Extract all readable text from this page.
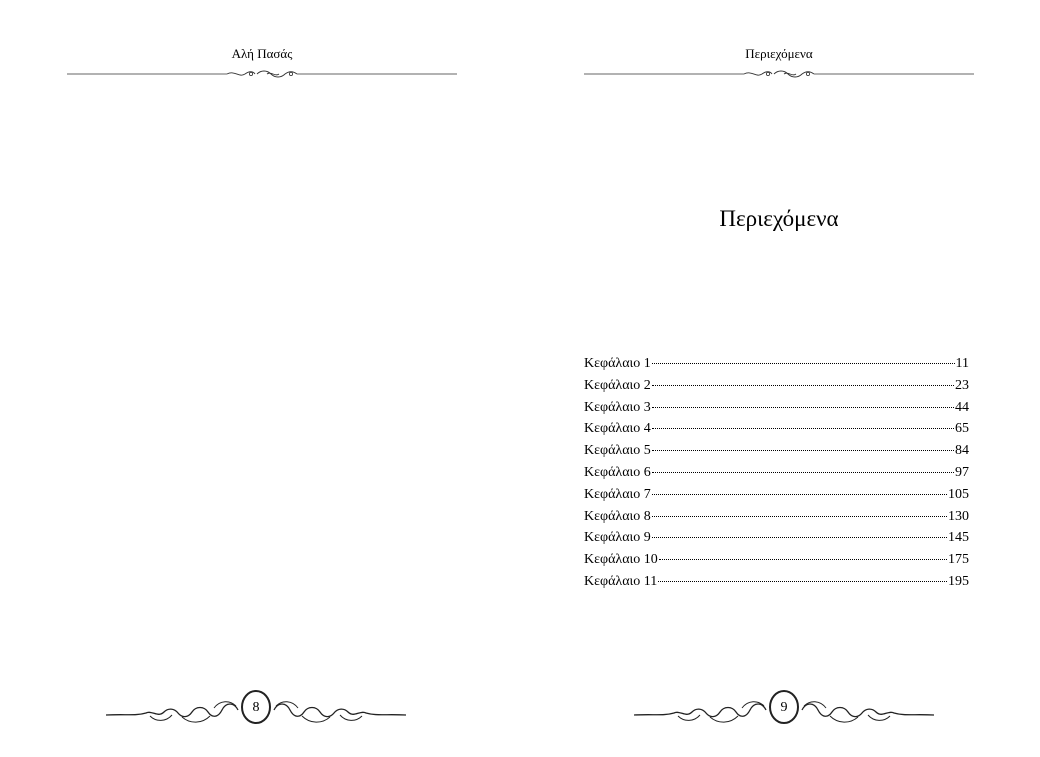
Αλή Πασάς
8
Περιεχόμενα
Περιεχόμενα
Κεφάλαιο 1	11
Κεφάλαιο 2	23
Κεφάλαιο 3	44
Κεφάλαιο 4	65
Κεφάλαιο 5	84
Κεφάλαιο 6	97
Κεφάλαιο 7	105
Κεφάλαιο 8	130
Κεφάλαιο 9	145
Κεφάλαιο 10	175
Κεφάλαιο 11	195
9
